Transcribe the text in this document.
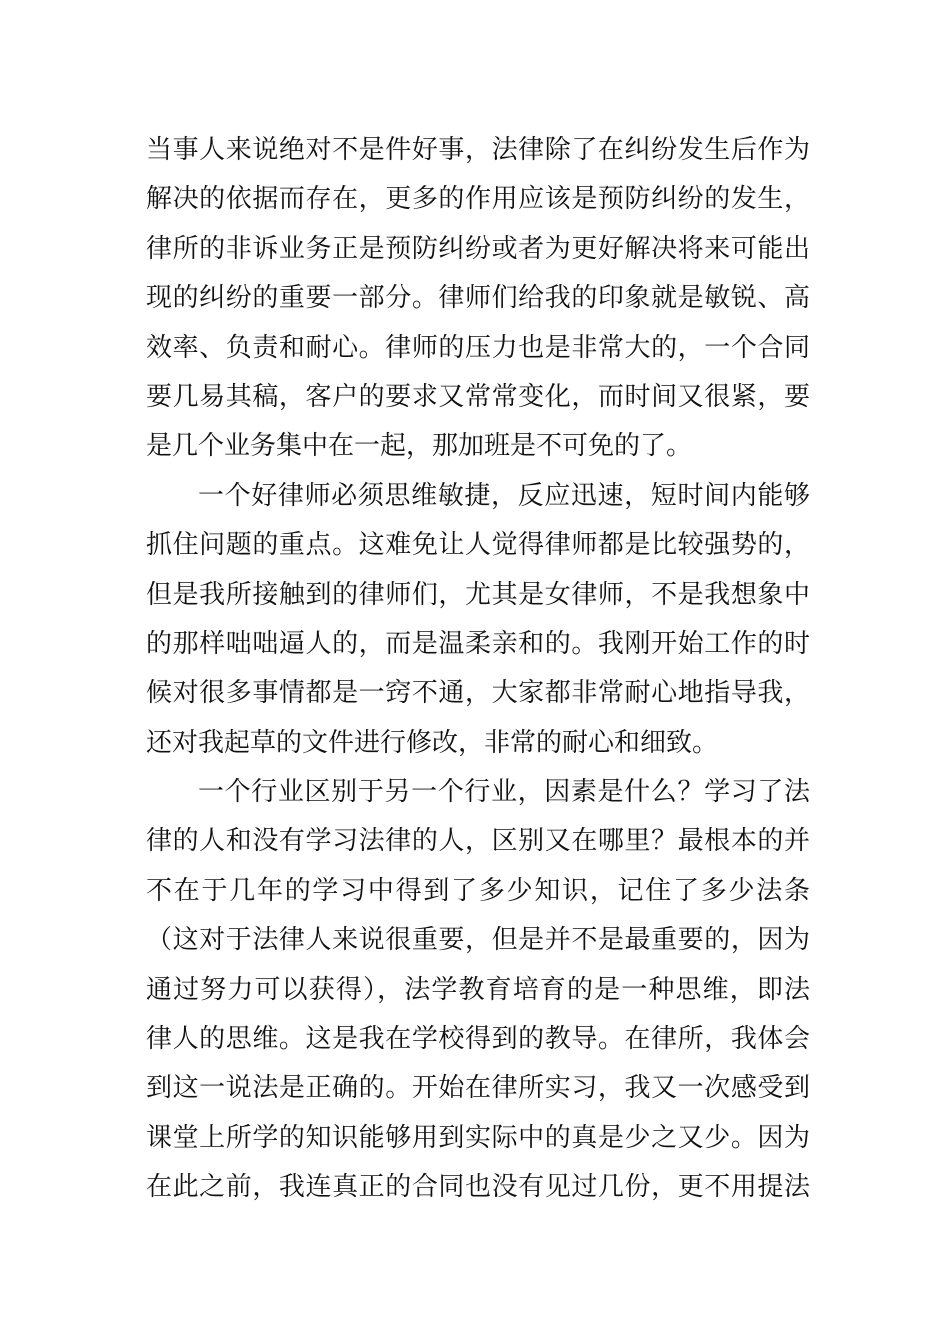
当事人来说绝对不是件好事，法律除了在纠纷发生后作为
解决的依据而存在，更多的作用应该是预防纠纷的发生，
律所的非诉业务正是预防纠纷或者为更好解决将来可能出
现的纠纷的重要一部分。律师们给我的印象就是敏锐、高
效率、负责和耐心。律师的压力也是非常大的，一个合同
要几易其稿，客户的要求又常常变化，而时间又很紧，要
是几个业务集中在一起，那加班是不可免的了。
一个好律师必须思维敏捷，反应迅速，短时间内能够
抓住问题的重点。这难免让人觉得律师都是比较强势的，
但是我所接触到的律师们，尤其是女律师，不是我想象中
的那样咄咄逼人的，而是温柔亲和的。我刚开始工作的时
候对很多事情都是一窍不通，大家都非常耐心地指导我，
还对我起草的文件进行修改，非常的耐心和细致。
一个行业区别于另一个行业，因素是什么？学习了法
律的人和没有学习法律的人，区别又在哪里？最根本的并
不在于几年的学习中得到了多少知识，记住了多少法条
（这对于法律人来说很重要，但是并不是最重要的，因为
通过努力可以获得），法学教育培育的是一种思维，即法
律人的思维。这是我在学校得到的教导。在律所，我体会
到这一说法是正确的。开始在律所实习，我又一次感受到
课堂上所学的知识能够用到实际中的真是少之又少。因为
在此之前，我连真正的合同也没有见过几份，更不用提法
